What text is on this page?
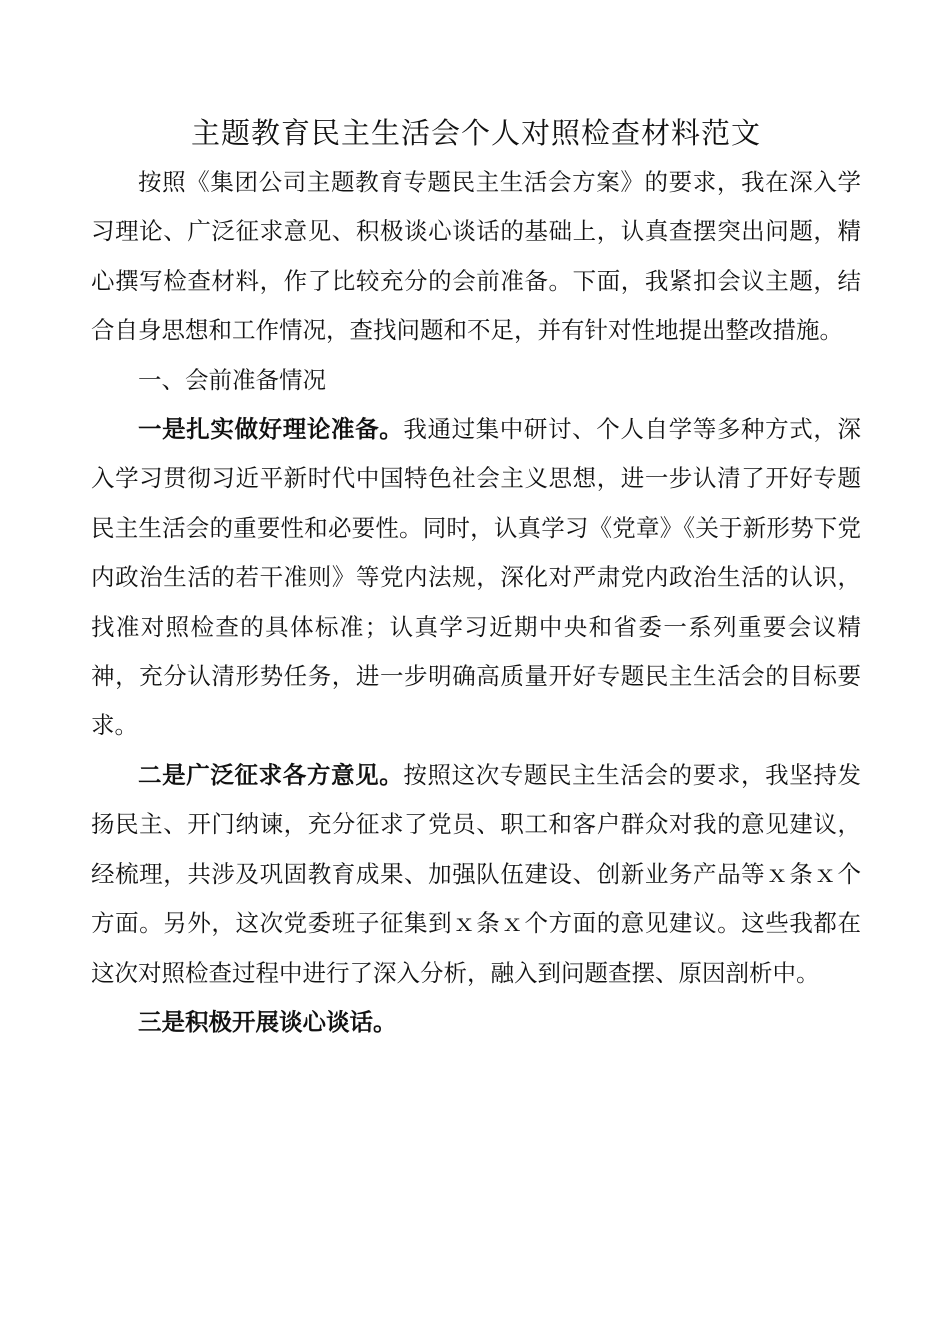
主题教育民主生活会个人对照检查材料范文

按照《集团公司主题教育专题民主生活会方案》的要求，我在深入学习理论、广泛征求意见、积极谈心谈话的基础上，认真查摆突出问题，精心撰写检查材料，作了比较充分的会前准备。下面，我紧扣会议主题，结合自身思想和工作情况，查找问题和不足，并有针对性地提出整改措施。

一、会前准备情况

一是扎实做好理论准备。我通过集中研讨、个人自学等多种方式，深入学习贯彻习近平新时代中国特色社会主义思想，进一步认清了开好专题民主生活会的重要性和必要性。同时，认真学习《党章》《关于新形势下党内政治生活的若干准则》等党内法规，深化对严肃党内政治生活的认识，找准对照检查的具体标准；认真学习近期中央和省委一系列重要会议精神，充分认清形势任务，进一步明确高质量开好专题民主生活会的目标要求。

二是广泛征求各方意见。按照这次专题民主生活会的要求，我坚持发扬民主、开门纳谏，充分征求了党员、职工和客户群众对我的意见建议，经梳理，共涉及巩固教育成果、加强队伍建设、创新业务产品等ｘ条ｘ个方面。另外，这次党委班子征集到ｘ条ｘ个方面的意见建议。这些我都在这次对照检查过程中进行了深入分析，融入到问题查摆、原因剖析中。

三是积极开展谈心谈话。
